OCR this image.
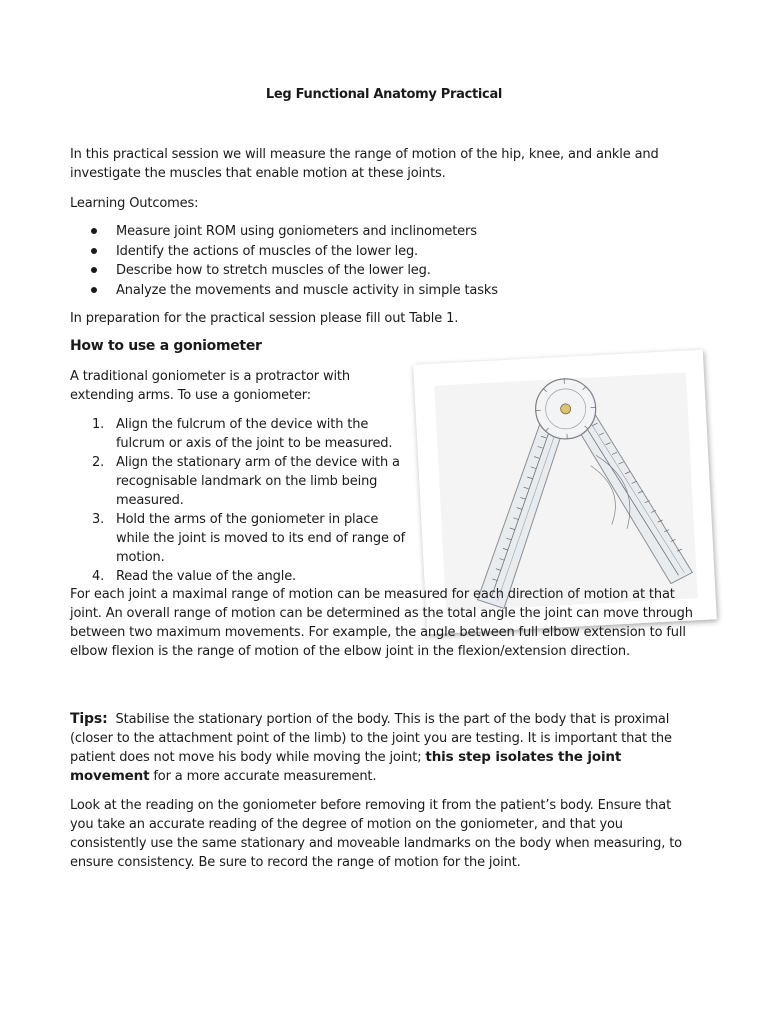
Leg Functional Anatomy Practical

In this practical session we will measure the range of motion of the hip, knee, and ankle and investigate the muscles that enable motion at these joints.

Learning Outcomes:

Measure joint ROM using goniometers and inclinometers
Identify the actions of muscles of the lower leg.
Describe how to stretch muscles of the lower leg.
Analyze the movements and muscle activity in simple tasks

In preparation for the practical session please fill out Table 1.

How to use a goniometer

A traditional goniometer is a protractor with extending arms. To use a goniometer:

1. Align the fulcrum of the device with the fulcrum or axis of the joint to be measured.
2. Align the stationary arm of the device with a recognisable landmark on the limb being measured.
3. Hold the arms of the goniometer in place while the joint is moved to its end of range of motion.
4. Read the value of the angle.

For each joint a maximal range of motion can be measured for each direction of motion at that joint. An overall range of motion can be determined as the total angle the joint can move through between two maximum movements. For example, the angle between full elbow extension to full elbow flexion is the range of motion of the elbow joint in the flexion/extension direction.

Tips: Stabilise the stationary portion of the body. This is the part of the body that is proximal (closer to the attachment point of the limb) to the joint you are testing. It is important that the patient does not move his body while moving the joint; this step isolates the joint movement for a more accurate measurement.

Look at the reading on the goniometer before removing it from the patient’s body. Ensure that you take an accurate reading of the degree of motion on the goniometer, and that you consistently use the same stationary and moveable landmarks on the body when measuring, to ensure consistency. Be sure to record the range of motion for the joint.
